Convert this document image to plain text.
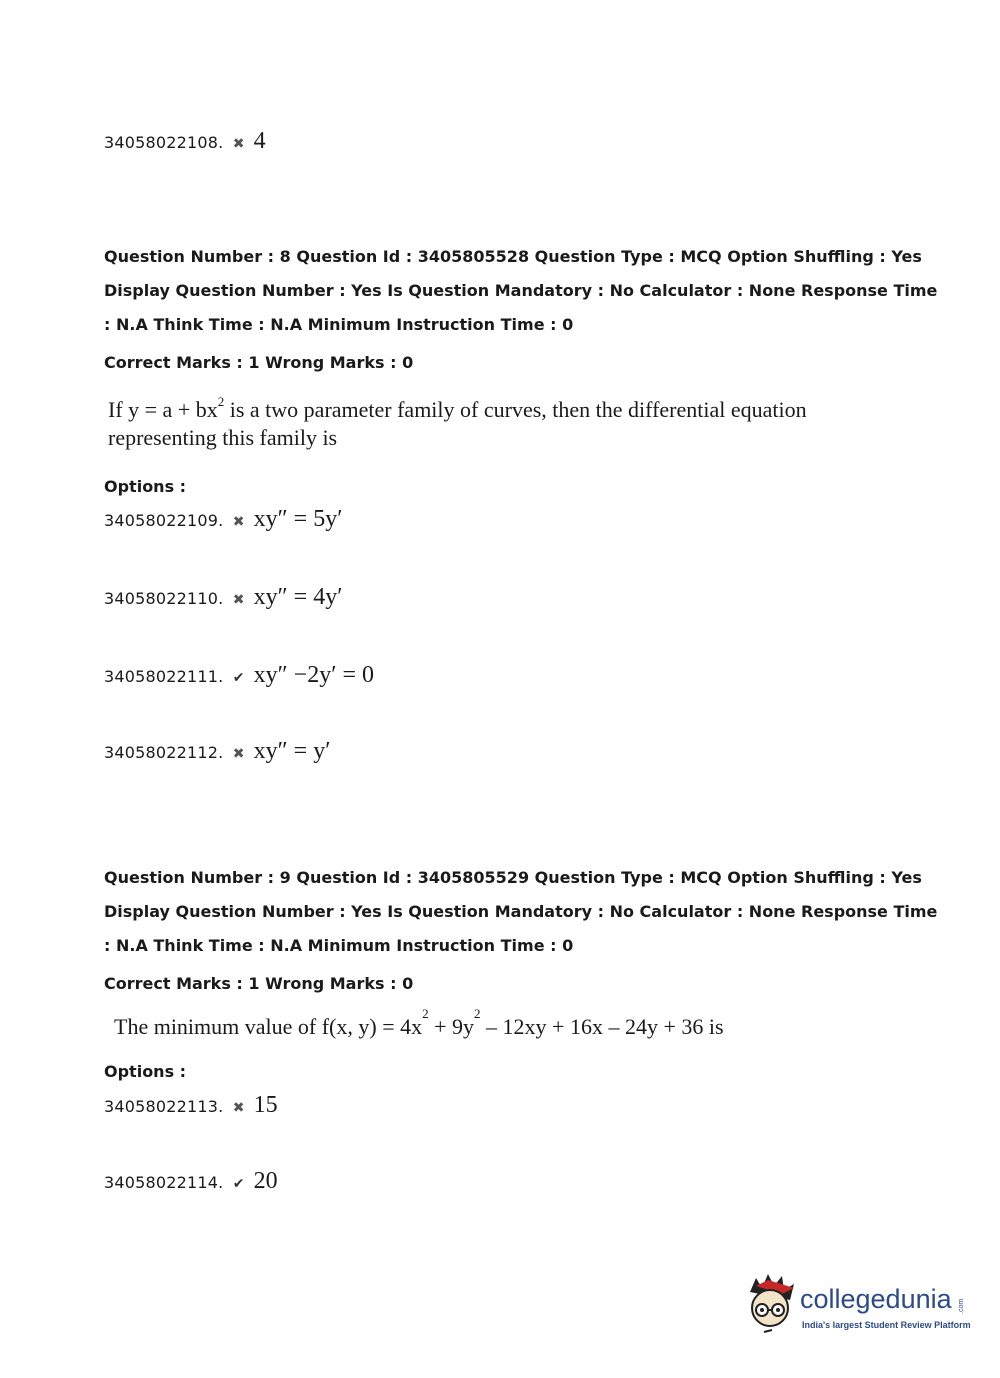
34058022108. ✖ 4
Question Number : 8 Question Id : 3405805528 Question Type : MCQ Option Shuffling : Yes
Display Question Number : Yes Is Question Mandatory : No Calculator : None Response Time
: N.A Think Time : N.A Minimum Instruction Time : 0
Correct Marks : 1 Wrong Marks : 0
If $y = a + bx^2$ is a two parameter family of curves, then the differential equation
representing this family is
Options :
34058022109. ✖ xy″ = 5y′
34058022110. ✖ xy″ = 4y′
34058022111. ✔ xy″ −2y′ = 0
34058022112. ✖ xy″ = y′
Question Number : 9 Question Id : 3405805529 Question Type : MCQ Option Shuffling : Yes
Display Question Number : Yes Is Question Mandatory : No Calculator : None Response Time
: N.A Think Time : N.A Minimum Instruction Time : 0
Correct Marks : 1 Wrong Marks : 0
The minimum value of f(x, $y) = 4x^2 + 9y^2 - 12xy + 16x - 24y + 36$ is
Options :
34058022113. ✖ 15
34058022114. ✔ 20
collegedunia .com
India's largest Student Review Platform
